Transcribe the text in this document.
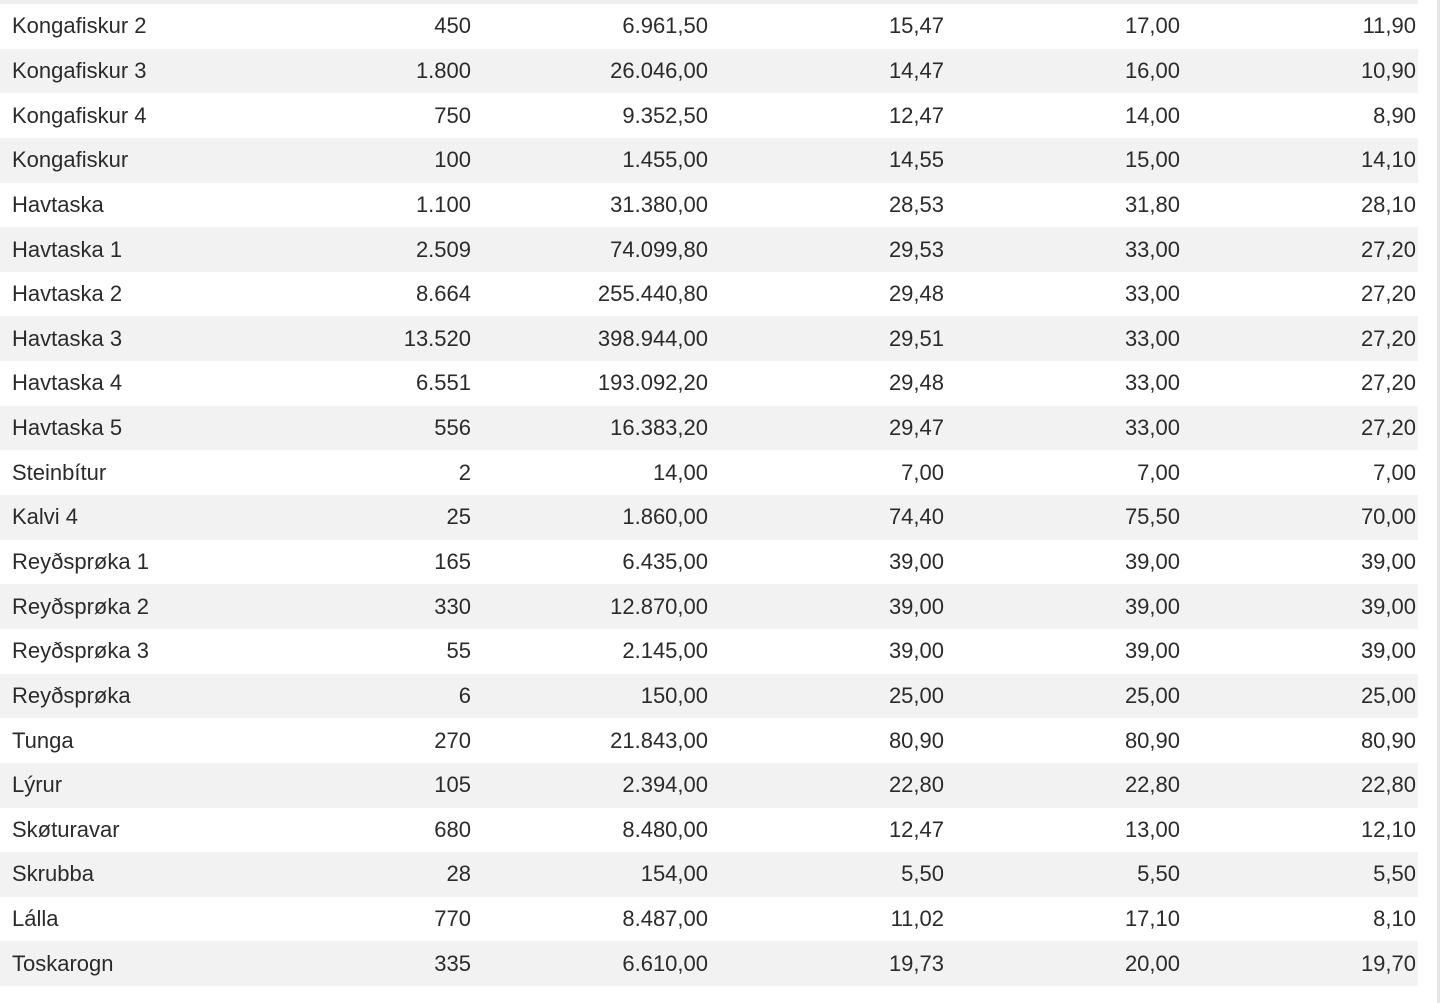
Kongafiskur 2	450	6.961,50	15,47	17,00	11,90
Kongafiskur 3	1.800	26.046,00	14,47	16,00	10,90
Kongafiskur 4	750	9.352,50	12,47	14,00	8,90
Kongafiskur	100	1.455,00	14,55	15,00	14,10
Havtaska	1.100	31.380,00	28,53	31,80	28,10
Havtaska 1	2.509	74.099,80	29,53	33,00	27,20
Havtaska 2	8.664	255.440,80	29,48	33,00	27,20
Havtaska 3	13.520	398.944,00	29,51	33,00	27,20
Havtaska 4	6.551	193.092,20	29,48	33,00	27,20
Havtaska 5	556	16.383,20	29,47	33,00	27,20
Steinbítur	2	14,00	7,00	7,00	7,00
Kalvi 4	25	1.860,00	74,40	75,50	70,00
Reyðsprøka 1	165	6.435,00	39,00	39,00	39,00
Reyðsprøka 2	330	12.870,00	39,00	39,00	39,00
Reyðsprøka 3	55	2.145,00	39,00	39,00	39,00
Reyðsprøka	6	150,00	25,00	25,00	25,00
Tunga	270	21.843,00	80,90	80,90	80,90
Lýrur	105	2.394,00	22,80	22,80	22,80
Skøturavar	680	8.480,00	12,47	13,00	12,10
Skrubba	28	154,00	5,50	5,50	5,50
Lálla	770	8.487,00	11,02	17,10	8,10
Toskarogn	335	6.610,00	19,73	20,00	19,70
